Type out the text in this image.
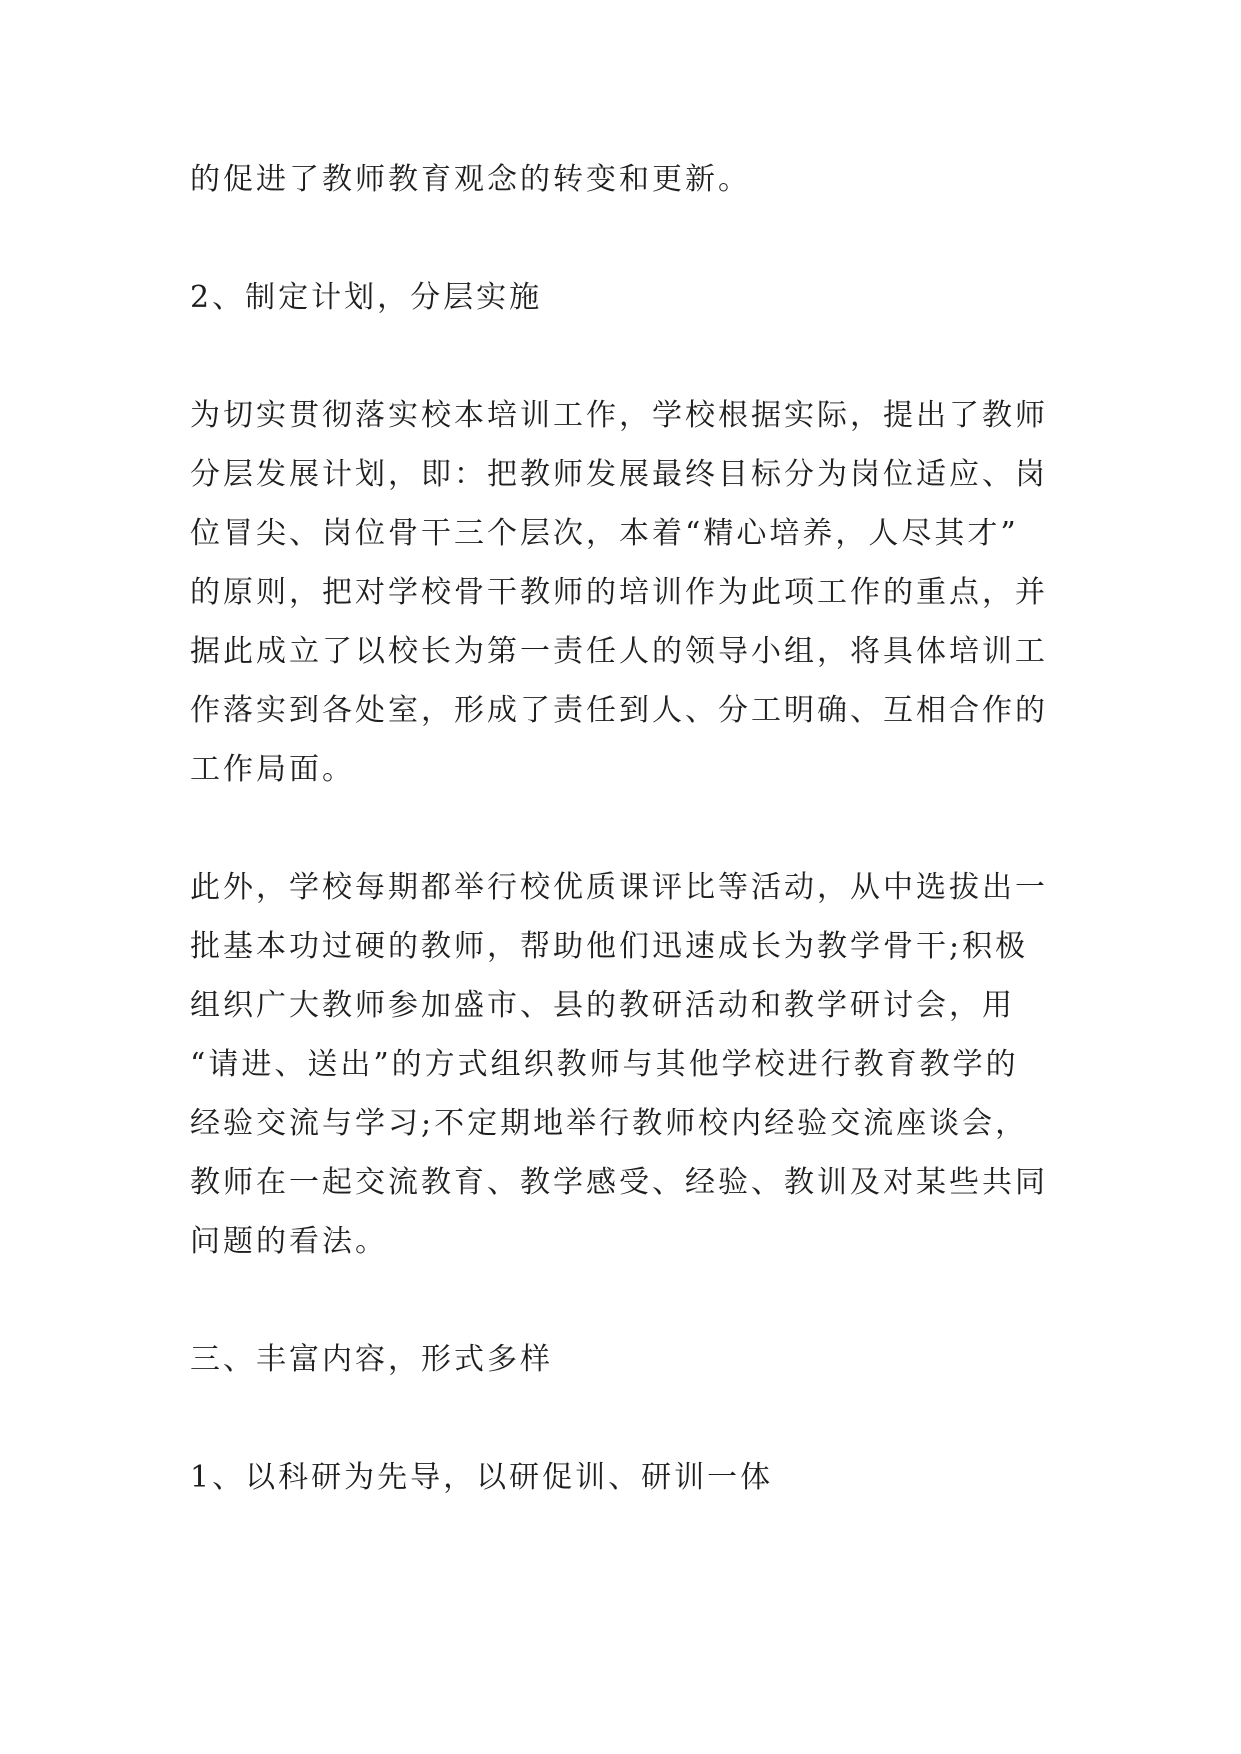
的促进了教师教育观念的转变和更新。
2、制定计划，分层实施
为切实贯彻落实校本培训工作，学校根据实际，提出了教师
分层发展计划，即：把教师发展最终目标分为岗位适应、岗
位冒尖、岗位骨干三个层次，本着“精心培养，人尽其才”
的原则，把对学校骨干教师的培训作为此项工作的重点，并
据此成立了以校长为第一责任人的领导小组，将具体培训工
作落实到各处室，形成了责任到人、分工明确、互相合作的
工作局面。
此外，学校每期都举行校优质课评比等活动，从中选拔出一
批基本功过硬的教师，帮助他们迅速成长为教学骨干;积极
组织广大教师参加盛市、县的教研活动和教学研讨会，用
“请进、送出”的方式组织教师与其他学校进行教育教学的
经验交流与学习;不定期地举行教师校内经验交流座谈会，
教师在一起交流教育、教学感受、经验、教训及对某些共同
问题的看法。
三、丰富内容，形式多样
1、以科研为先导，以研促训、研训一体
